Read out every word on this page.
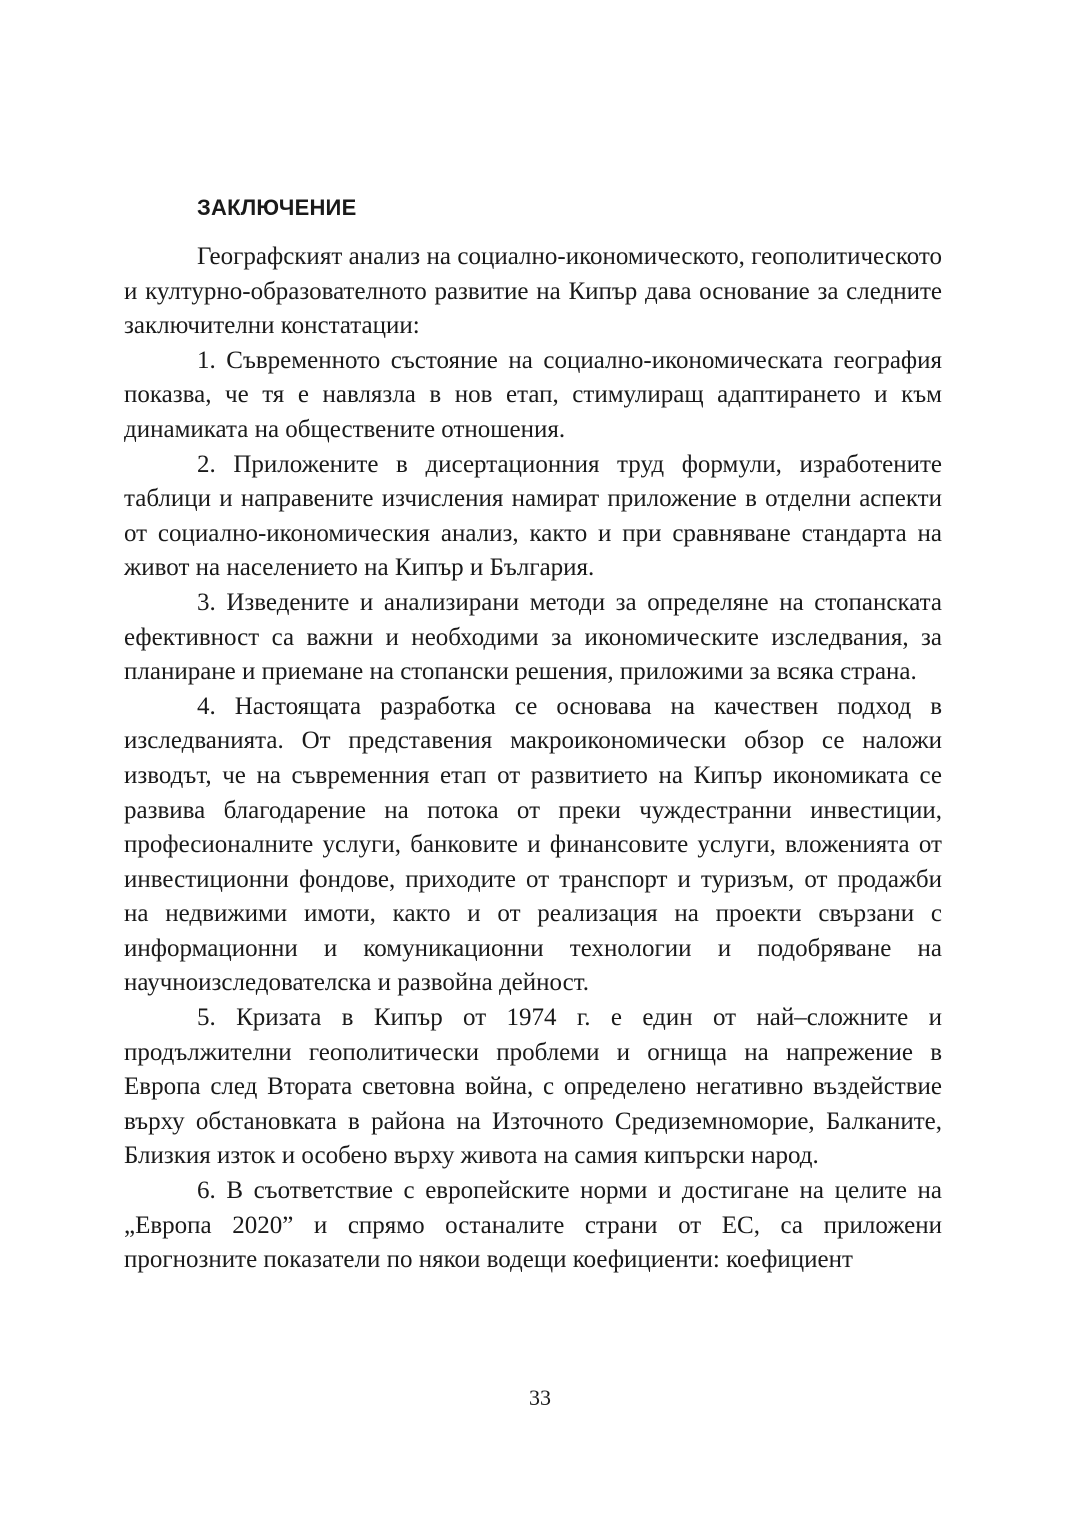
ЗАКЛЮЧЕНИЕ

Географският анализ на социално-икономическото, геополитическото и културно-образователното развитие на Кипър дава основание за следните заключителни констатации:

1. Съвременното състояние на социално-икономическата география показва, че тя е навлязла в нов етап, стимулиращ адаптирането и към динамиката на обществените отношения.

2. Приложените в дисертационния труд формули, изработените таблици и направените изчисления намират приложение в отделни аспекти от социално-икономическия анализ, както и при сравняване стандарта на живот на населението на Кипър и България.

3. Изведените и анализирани методи за определяне на стопанската ефективност са важни и необходими за икономическите изследвания, за планиране и приемане на стопански решения, приложими за всяка страна.

4. Настоящата разработка се основава на качествен подход в изследванията. От представения макроикономически обзор се наложи изводът, че на съвременния етап от развитието на Кипър икономиката се развива благодарение на потока от преки чуждестранни инвестиции, професионалните услуги, банковите и финансовите услуги, вложенията от инвестиционни фондове, приходите от транспорт и туризъм, от продажби на недвижими имоти, както и от реализация на проекти свързани с информационни и комуникационни технологии и подобряване на научноизследователска и развойна дейност.

5. Кризата в Кипър от 1974 г. е един от най–сложните и продължителни геополитически проблеми и огнища на напрежение в Европа след Втората световна война, с определено негативно въздействие върху обстановката в района на Източното Средиземноморие, Балканите, Близкия изток и особено върху живота на самия кипърски народ.

6. В съответствие с европейските норми и достигане на целите на „Европа 2020” и спрямо останалите страни от ЕС, са приложени прогнозните показатели по някои водещи коефициенти: коефициент

33
